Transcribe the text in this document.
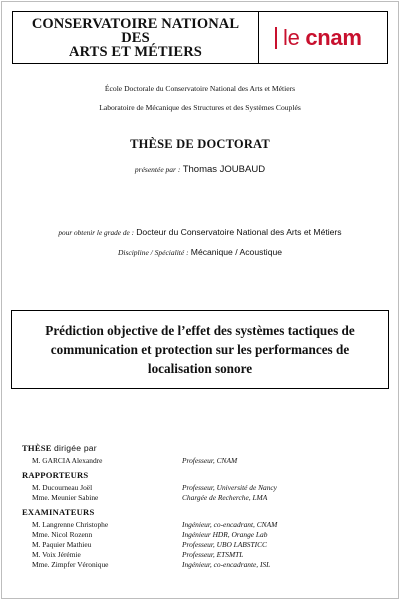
CONSERVATOIRE NATIONAL
DES
ARTS ET MÉTIERS
le cnam
École Doctorale du Conservatoire National des Arts et Métiers
Laboratoire de Mécanique des Structures et des Systèmes Couplés
THÈSE DE DOCTORAT
présentée par : Thomas JOUBAUD
pour obtenir le grade de : Docteur du Conservatoire National des Arts et Métiers
Discipline / Spécialité : Mécanique / Acoustique
Prédiction objective de l’effet des systèmes tactiques de communication et protection sur les performances de localisation sonore
THÈSE dirigée par
M. GARCIA Alexandre	Professeur, CNAM
RAPPORTEURS
M. Ducourneau Joël	Professeur, Université de Nancy
Mme. Meunier Sabine	Chargée de Recherche, LMA
EXAMINATEURS
M. Langrenne Christophe	Ingénieur, co-encadrant, CNAM
Mme. Nicol Rozenn	Ingénieur HDR, Orange Lab
M. Paquier Mathieu	Professeur, UBO LABSTICC
M. Voix Jérémie	Professeur, ETSMTL
Mme. Zimpfer Véronique	Ingénieur, co-encadrante, ISL
